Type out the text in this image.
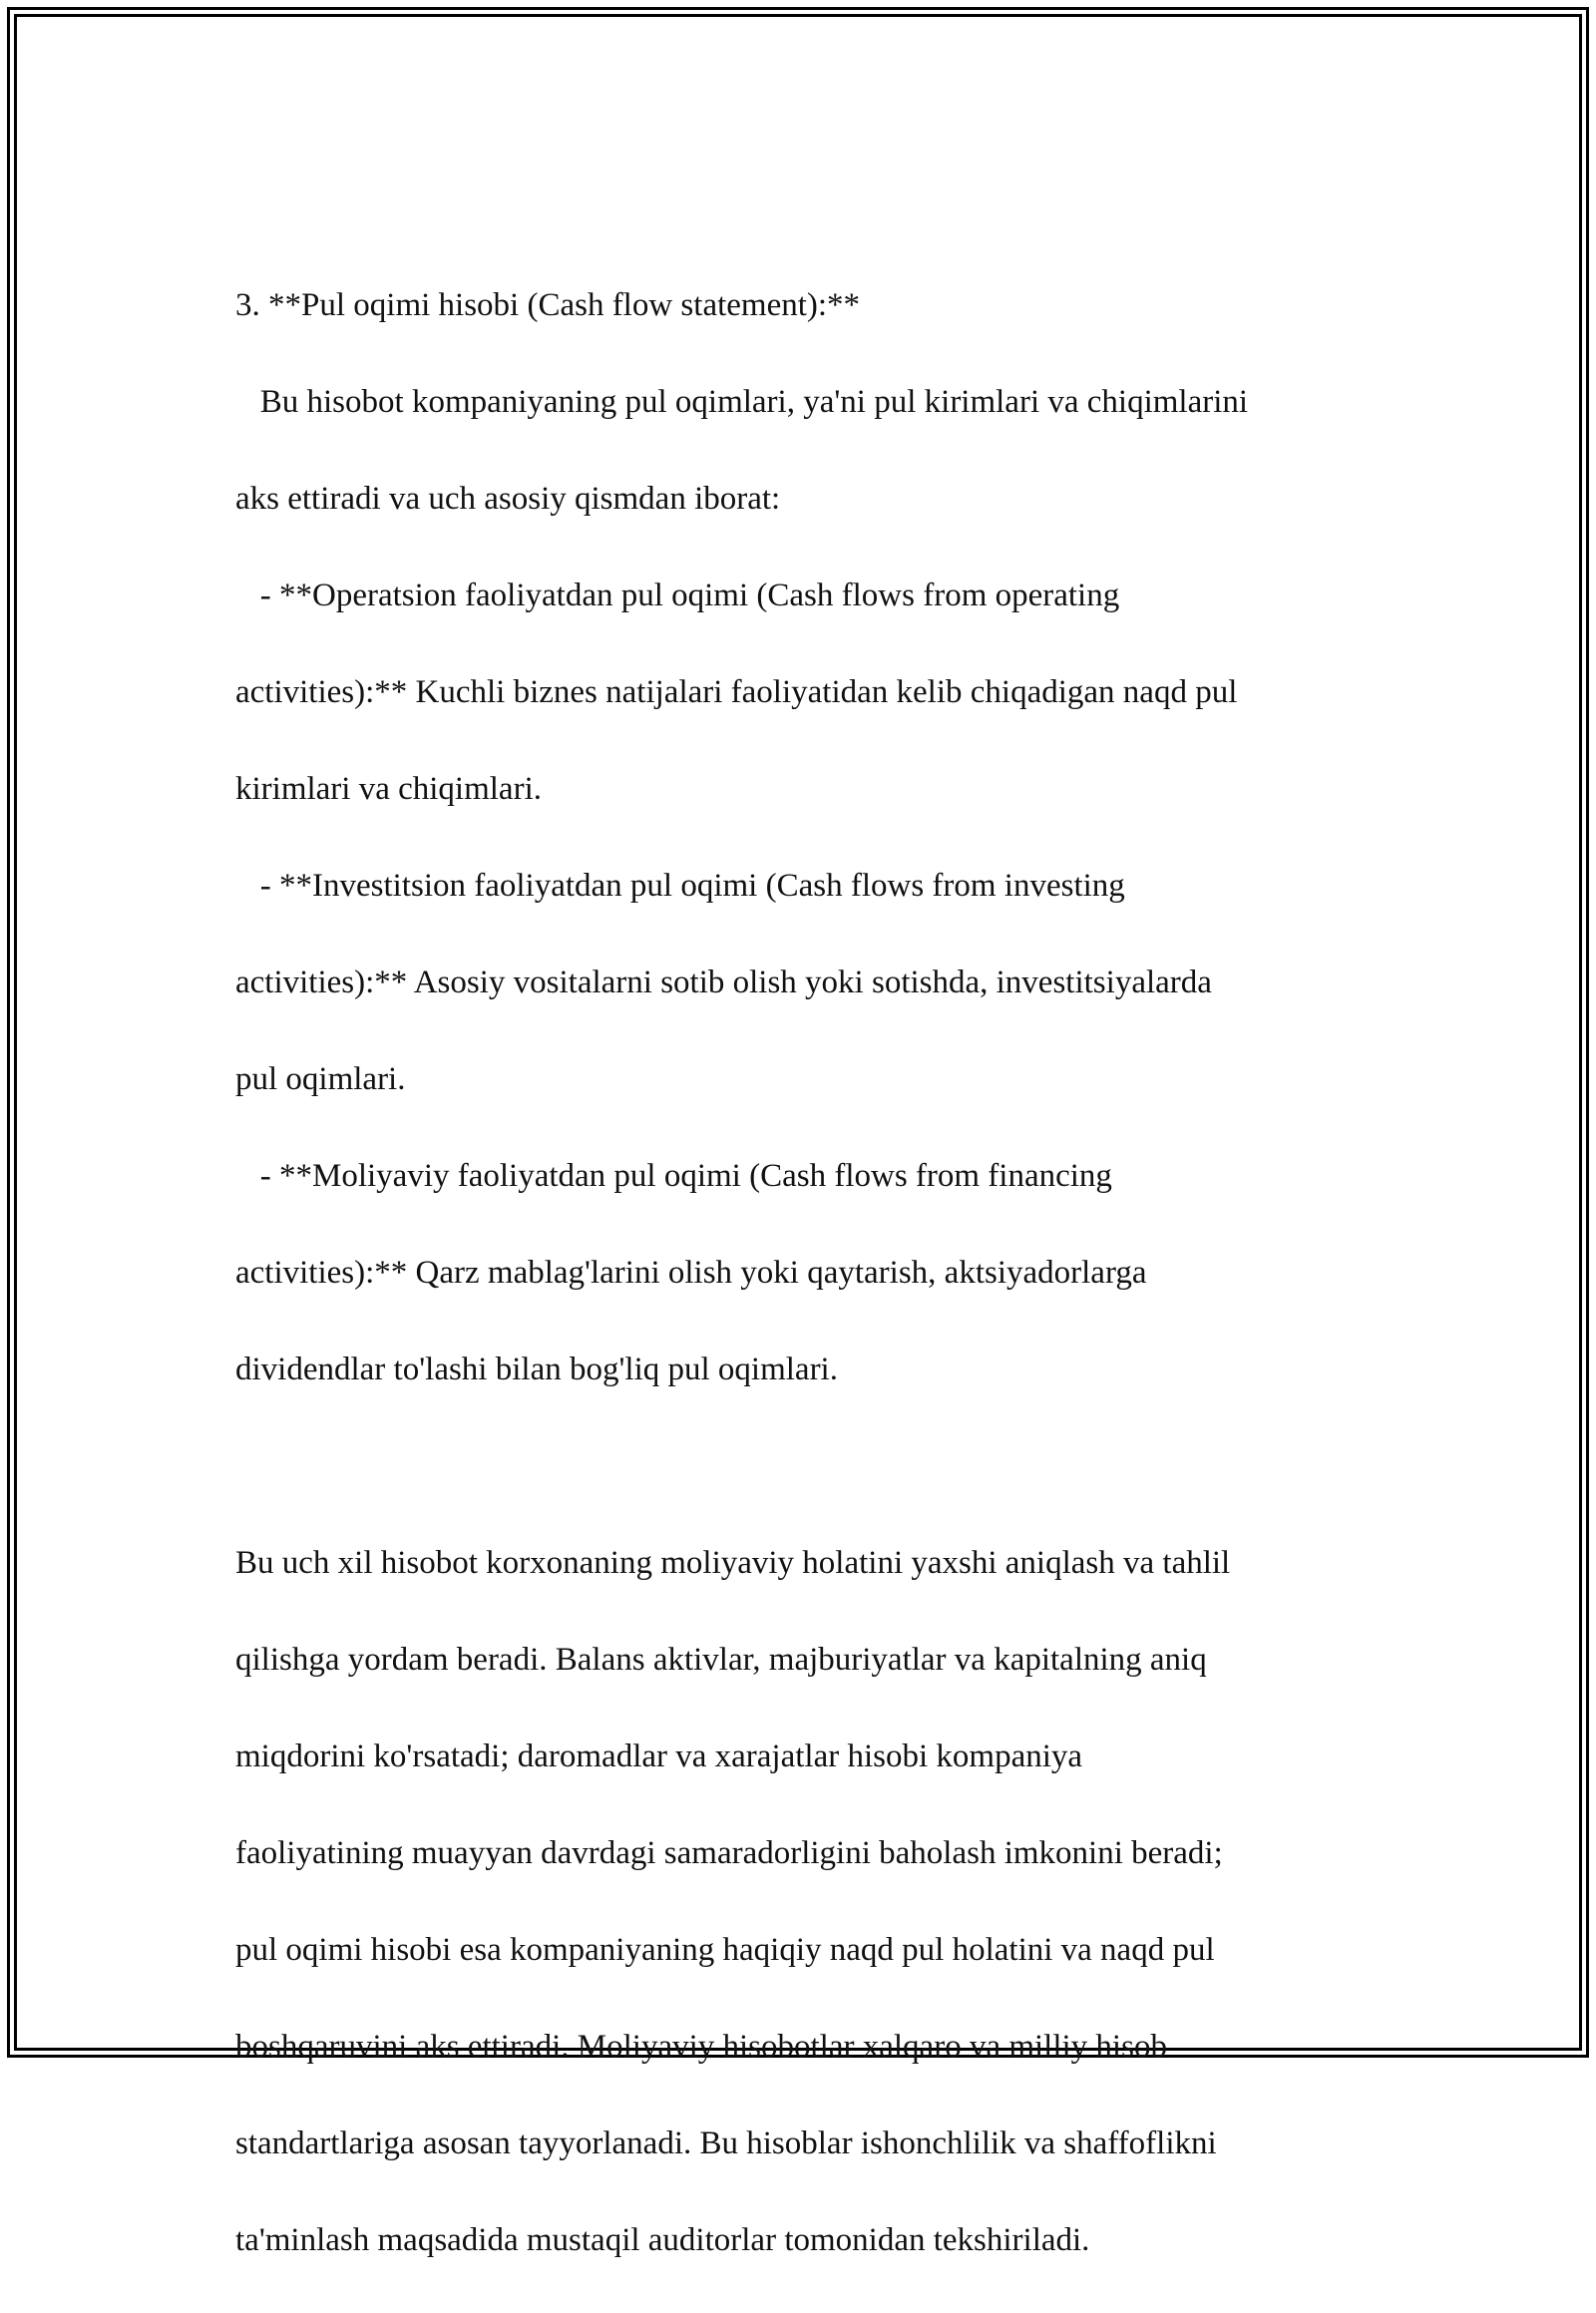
3. **Pul oqimi hisobi (Cash flow statement):**

Bu hisobot kompaniyaning pul oqimlari, ya'ni pul kirimlari va chiqimlarini

aks ettiradi va uch asosiy qismdan iborat:

- **Operatsion faoliyatdan pul oqimi (Cash flows from operating

activities):** Kuchli biznes natijalari faoliyatidan kelib chiqadigan naqd pul

kirimlari va chiqimlari.

- **Investitsion faoliyatdan pul oqimi (Cash flows from investing

activities):** Asosiy vositalarni sotib olish yoki sotishda, investitsiyalarda

pul oqimlari.

- **Moliyaviy faoliyatdan pul oqimi (Cash flows from financing

activities):** Qarz mablag'larini olish yoki qaytarish, aktsiyadorlarga

dividendlar to'lashi bilan bog'liq pul oqimlari.

Bu uch xil hisobot korxonaning moliyaviy holatini yaxshi aniqlash va tahlil

qilishga yordam beradi. Balans aktivlar, majburiyatlar va kapitalning aniq

miqdorini ko'rsatadi; daromadlar va xarajatlar hisobi kompaniya

faoliyatining muayyan davrdagi samaradorligini baholash imkonini beradi;

pul oqimi hisobi esa kompaniyaning haqiqiy naqd pul holatini va naqd pul

boshqaruvini aks ettiradi. Moliyaviy hisobotlar xalqaro va milliy hisob

standartlariga asosan tayyorlanadi. Bu hisoblar ishonchlilik va shaffoflikni

ta'minlash maqsadida mustaqil auditorlar tomonidan tekshiriladi.
